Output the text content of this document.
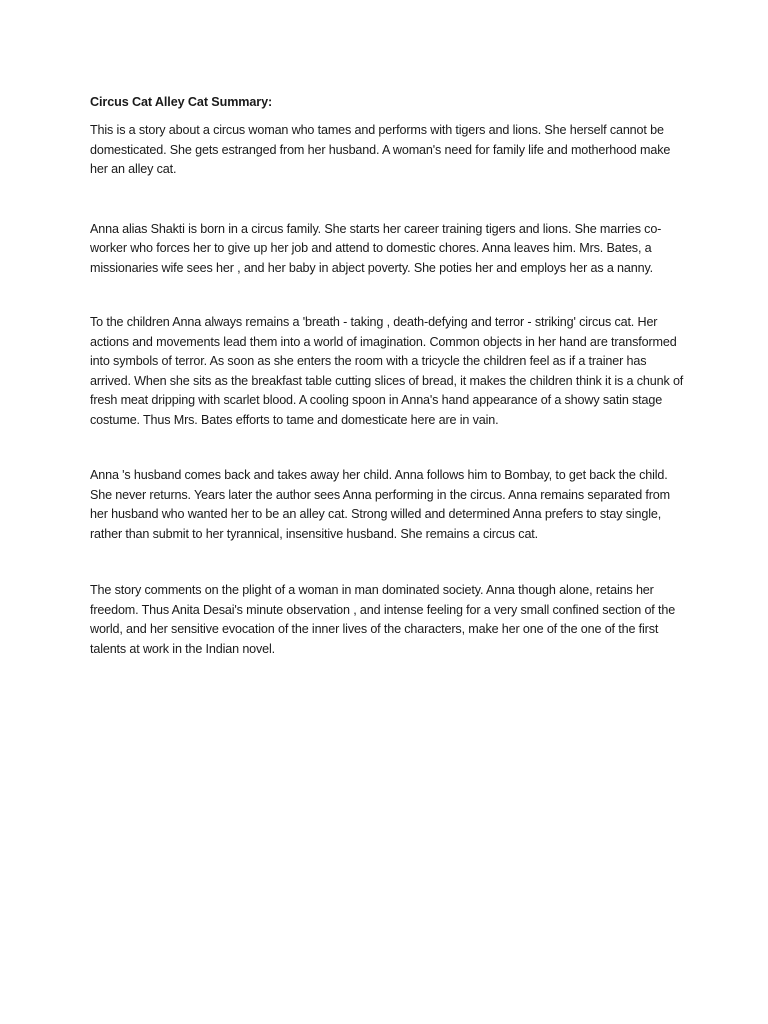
Circus Cat Alley Cat Summary:

This is a story about a circus woman who tames and performs with tigers and lions. She herself cannot be domesticated. She gets estranged from her husband. A woman's need for family life and motherhood make her an alley cat.

Anna alias Shakti is born in a circus family. She starts her career training tigers and lions. She marries co-worker who forces her to give up her job and attend to domestic chores. Anna leaves him. Mrs. Bates, a missionaries wife sees her , and her baby in abject poverty. She poties her and employs her as a nanny.

To the children Anna always remains a 'breath - taking , death-defying and terror - striking' circus cat. Her actions and movements lead them into a world of imagination. Common objects in her hand are transformed into symbols of terror. As soon as she enters the room with a tricycle the children feel as if a trainer has arrived. When she sits as the breakfast table cutting slices of bread, it makes the children think it is a chunk of fresh meat dripping with scarlet blood. A cooling spoon in Anna's hand appearance of a showy satin stage costume. Thus Mrs. Bates efforts to tame and domesticate here are in vain.

Anna 's husband comes back and takes away her child. Anna follows him to Bombay, to get back the child. She never returns. Years later the author sees Anna performing in the circus. Anna remains separated from her husband who wanted her to be an alley cat. Strong willed and determined Anna prefers to stay single, rather than submit to her tyrannical, insensitive husband. She remains a circus cat.

The story comments on the plight of a woman in man dominated society. Anna though alone, retains her freedom. Thus Anita Desai's minute observation , and intense feeling for a very small confined section of the world, and her sensitive evocation of the inner lives of the characters, make her one of the one of the first talents at work in the Indian novel.
